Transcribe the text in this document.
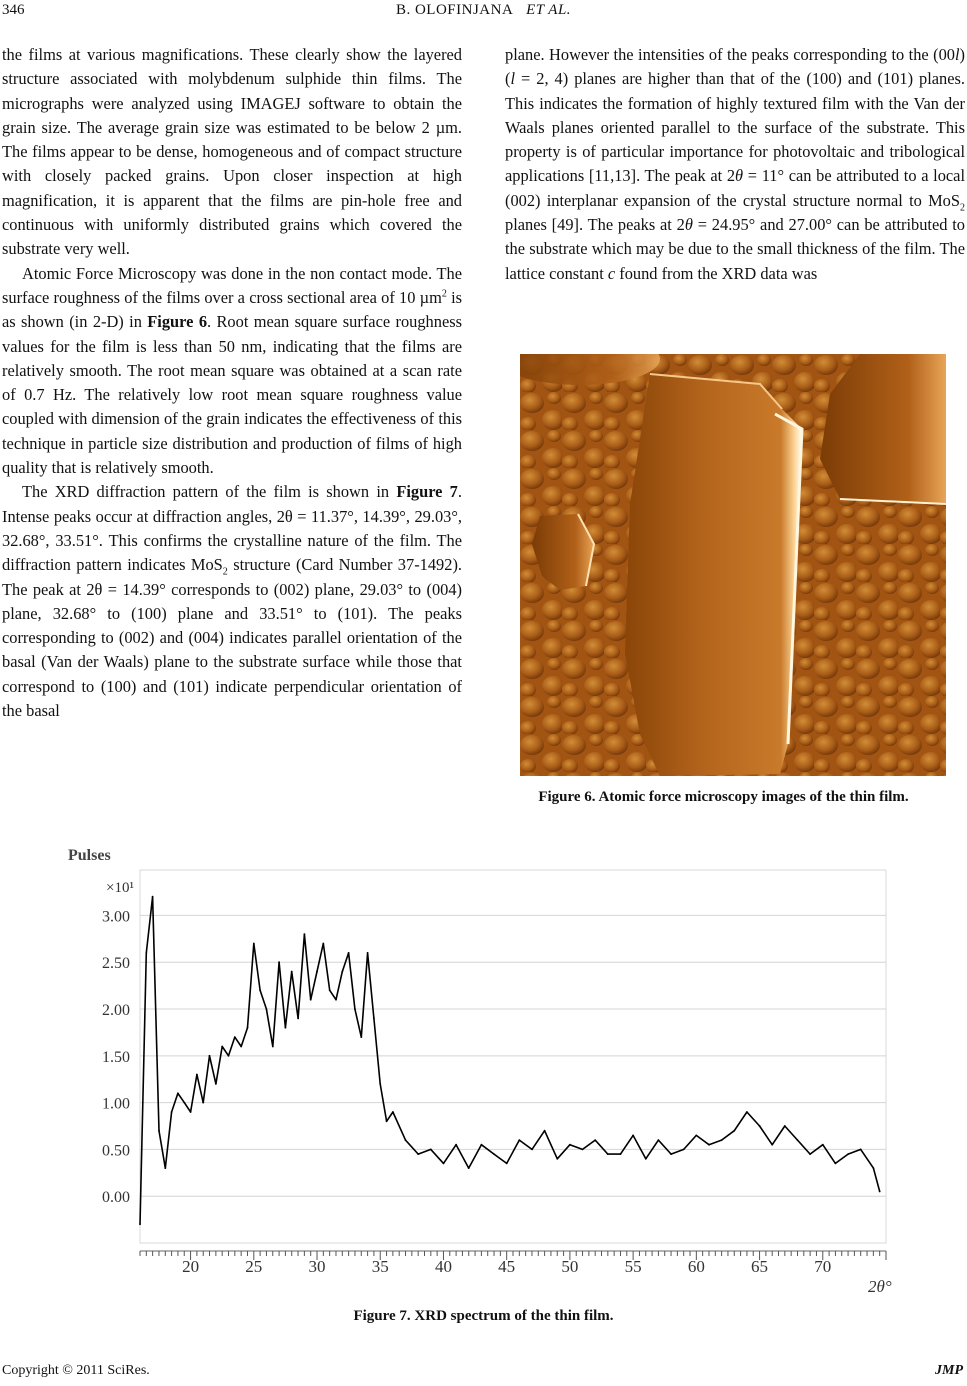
346	B. OLOFINJANA ET AL.

the films at various magnifications. These clearly show the layered structure associated with molybdenum sulphide thin films. The micrographs were analyzed using IMAGEJ software to obtain the grain size. The average grain size was estimated to be below 2 µm. The films appear to be dense, homogeneous and of compact structure with closely packed grains. Upon closer inspection at high magnification, it is apparent that the films are pin-hole free and continuous with uniformly distributed grains which covered the substrate very well.

Atomic Force Microscopy was done in the non contact mode. The surface roughness of the films over a cross sectional area of 10 µm$^2$ is as shown (in 2-D) in Figure 6. Root mean square surface roughness values for the film is less than 50 nm, indicating that the films are relatively smooth. The root mean square was obtained at a scan rate of 0.7 Hz. The relatively low root mean square roughness value coupled with dimension of the grain indicates the effectiveness of this technique in particle size distribution and production of films of high quality that is relatively smooth.

The XRD diffraction pattern of the film is shown in Figure 7. Intense peaks occur at diffraction angles, 2θ = 11.37°, 14.39°, 29.03°, 32.68°, 33.51°. This confirms the crystalline nature of the film. The diffraction pattern indicates MoS$_2$ structure (Card Number 37-1492). The peak at 2θ = 14.39° corresponds to (002) plane, 29.03° to (004) plane, 32.68° to (100) plane and 33.51° to (101). The peaks corresponding to (002) and (004) indicates parallel orientation of the basal (Van der Waals) plane to the substrate surface while those that correspond to (100) and (101) indicate perpendicular orientation of the basal

plane. However the intensities of the peaks corresponding to the (00l) (l = 2, 4) planes are higher than that of the (100) and (101) planes. This indicates the formation of highly textured film with the Van der Waals planes oriented parallel to the surface of the substrate. This property is of particular importance for photovoltaic and tribological applications [11,13]. The peak at 2θ = 11° can be attributed to a local (002) interplanar expansion of the crystal structure normal to MoS$_2$ planes [49]. The peaks at 2θ = 24.95° and 27.00° can be attributed to the substrate which may be due to the small thickness of the film. The lattice constant c found from the XRD data was

Figure 6. Atomic force microscopy images of the thin film.
0.00
0.50
1.00
1.50
2.00
2.50
3.00
Pulses
×10¹
20	25	30	35	40	45	50	55	60	65	70
2θ°
Figure 7. XRD spectrum of the thin film.
Copyright © 2011 SciRes.	JMP
